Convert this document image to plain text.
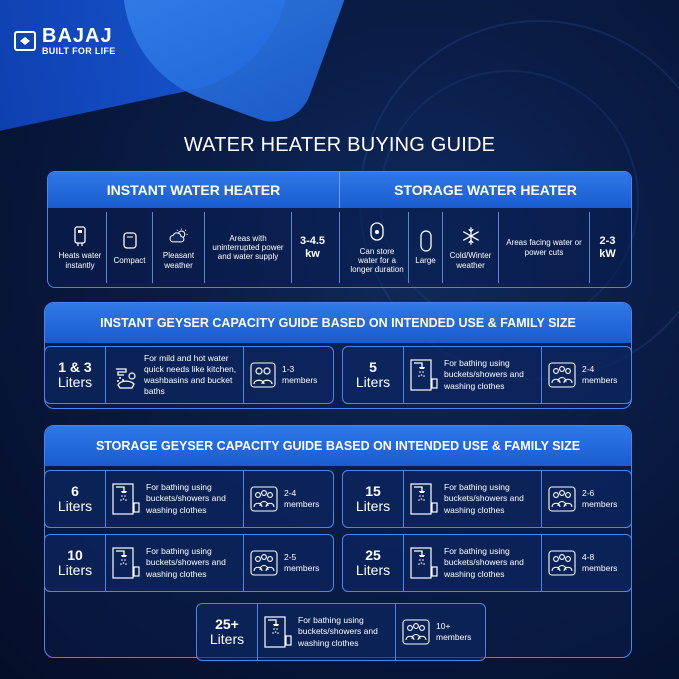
BAJAJ
BUILT FOR LIFE
WATER HEATER BUYING GUIDE
INSTANT WATER HEATER	STORAGE WATER HEATER
Heats water instantly
Compact
Pleasant weather
Areas with uninterrupted power and water supply
3-4.5 kw	Can store water for a longer duration
Large
Cold/Winter weather
Areas facing water or power cuts
2-3 kW
INSTANT GEYSER CAPACITY GUIDE BASED ON INTENDED USE & FAMILY SIZE
1 & 3
Liters
For mild and hot water quick needs like kitchen, washbasins and bucket baths
1-3 members
5
Liters
For bathing using buckets/showers and washing clothes
2-4 members
STORAGE GEYSER CAPACITY GUIDE BASED ON INTENDED USE & FAMILY SIZE
6
Liters
For bathing using buckets/showers and washing clothes
2-4 members
15
Liters
For bathing using buckets/showers and washing clothes
2-6 members
10
Liters
For bathing using buckets/showers and washing clothes
2-5 members
25
Liters
For bathing using buckets/showers and washing clothes
4-8 members
25+
Liters
For bathing using buckets/showers and washing clothes
10+ members
